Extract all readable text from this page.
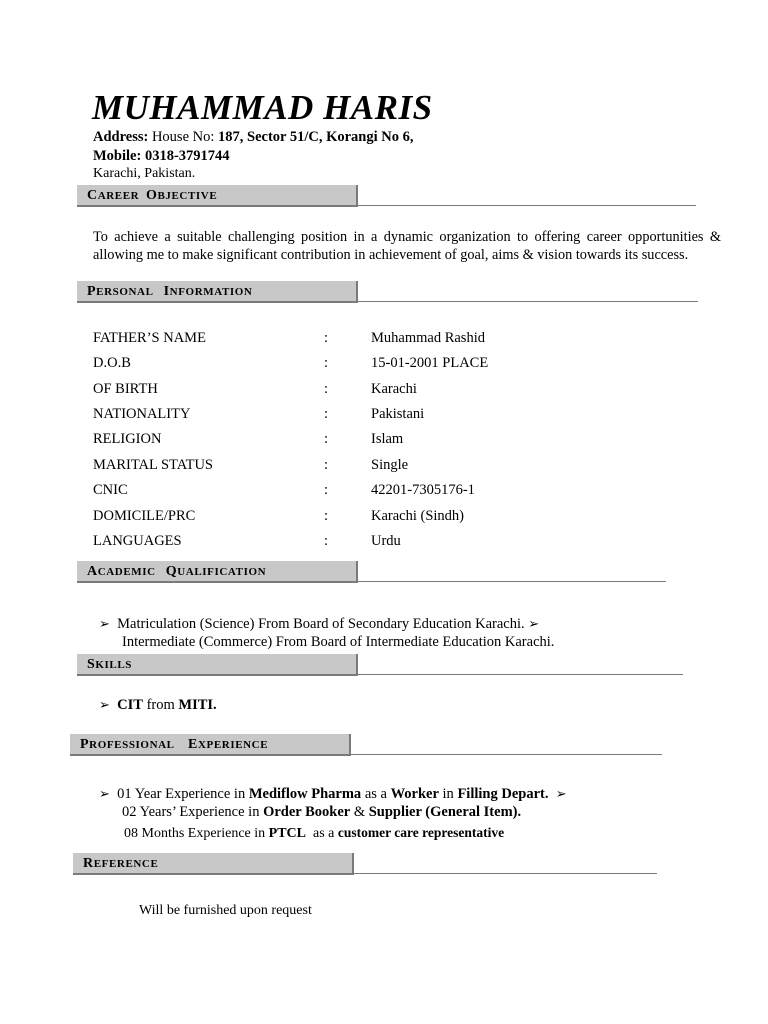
MUHAMMAD HARIS
Address: House No: 187, Sector 51/C, Korangi No 6,
Mobile: 0318-3791744
Karachi, Pakistan.
CAREER OBJECTIVE
To achieve a suitable challenging position in a dynamic organization to offering career opportunities & allowing me to make significant contribution in achievement of goal, aims & vision towards its success.
PERSONAL INFORMATION
FATHER’S NAME	:	Muhammad Rashid
D.O.B	:	15-01-2001 PLACE
OF BIRTH	:	Karachi
NATIONALITY	:	Pakistani
RELIGION	:	Islam
MARITAL STATUS	:	Single
CNIC	:	42201-7305176-1
DOMICILE/PRC	:	Karachi (Sindh)
LANGUAGES	:	Urdu
ACADEMIC QUALIFICATION
➢ Matriculation (Science) From Board of Secondary Education Karachi. ➢
Intermediate (Commerce) From Board of Intermediate Education Karachi.
SKILLS
➢ CIT from MITI.
PROFESSIONAL EXPERIENCE
➢ 01 Year Experience in Mediflow Pharma as a Worker in Filling Depart. ➢
02 Years’ Experience in Order Booker & Supplier (General Item).
08 Months Experience in PTCL as a customer care representative
REFERENCE
Will be furnished upon request
